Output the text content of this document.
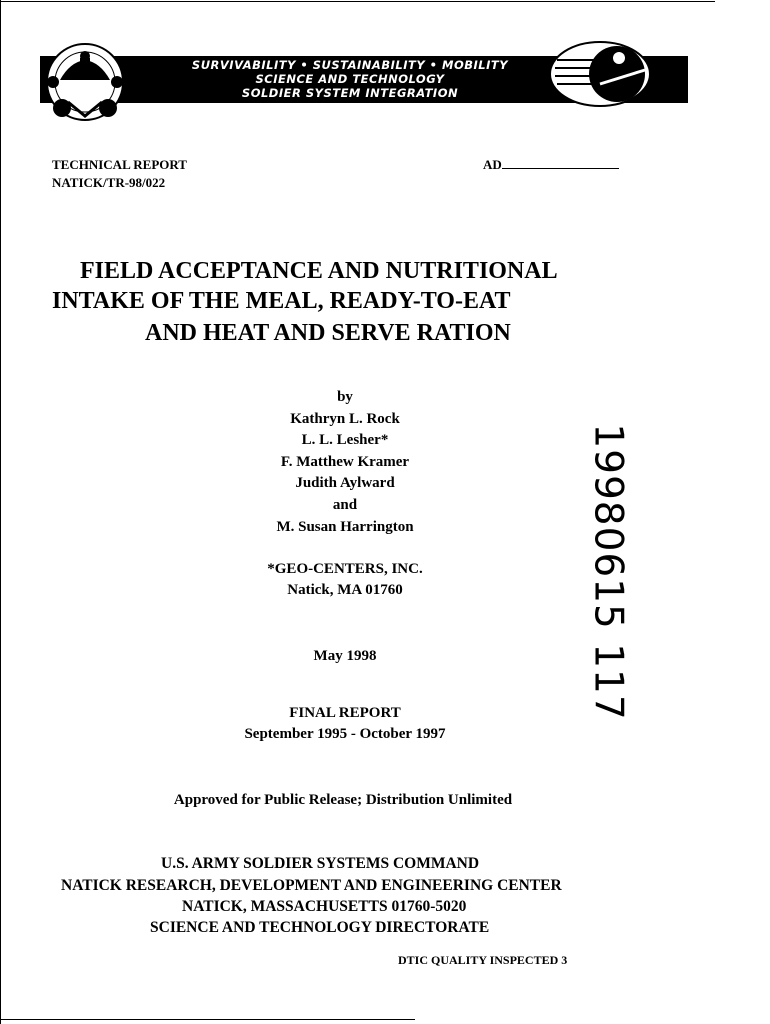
SURVIVABILITY • SUSTAINABILITY • MOBILITY
SCIENCE AND TECHNOLOGY
SOLDIER SYSTEM INTEGRATION
TECHNICAL REPORT
NATICK/TR-98/022
AD
FIELD ACCEPTANCE AND NUTRITIONAL
INTAKE OF THE MEAL, READY-TO-EAT
AND HEAT AND SERVE RATION
by
Kathryn L. Rock
L. L. Lesher*
F. Matthew Kramer
Judith Aylward
and
M. Susan Harrington
*GEO-CENTERS, INC.
Natick, MA 01760
May 1998
FINAL REPORT
September 1995 - October 1997
Approved for Public Release; Distribution Unlimited
U.S. ARMY SOLDIER SYSTEMS COMMAND
NATICK RESEARCH, DEVELOPMENT AND ENGINEERING CENTER
NATICK, MASSACHUSETTS 01760-5020
SCIENCE AND TECHNOLOGY DIRECTORATE
19980615 117
DTIC QUALITY INSPECTED 3
